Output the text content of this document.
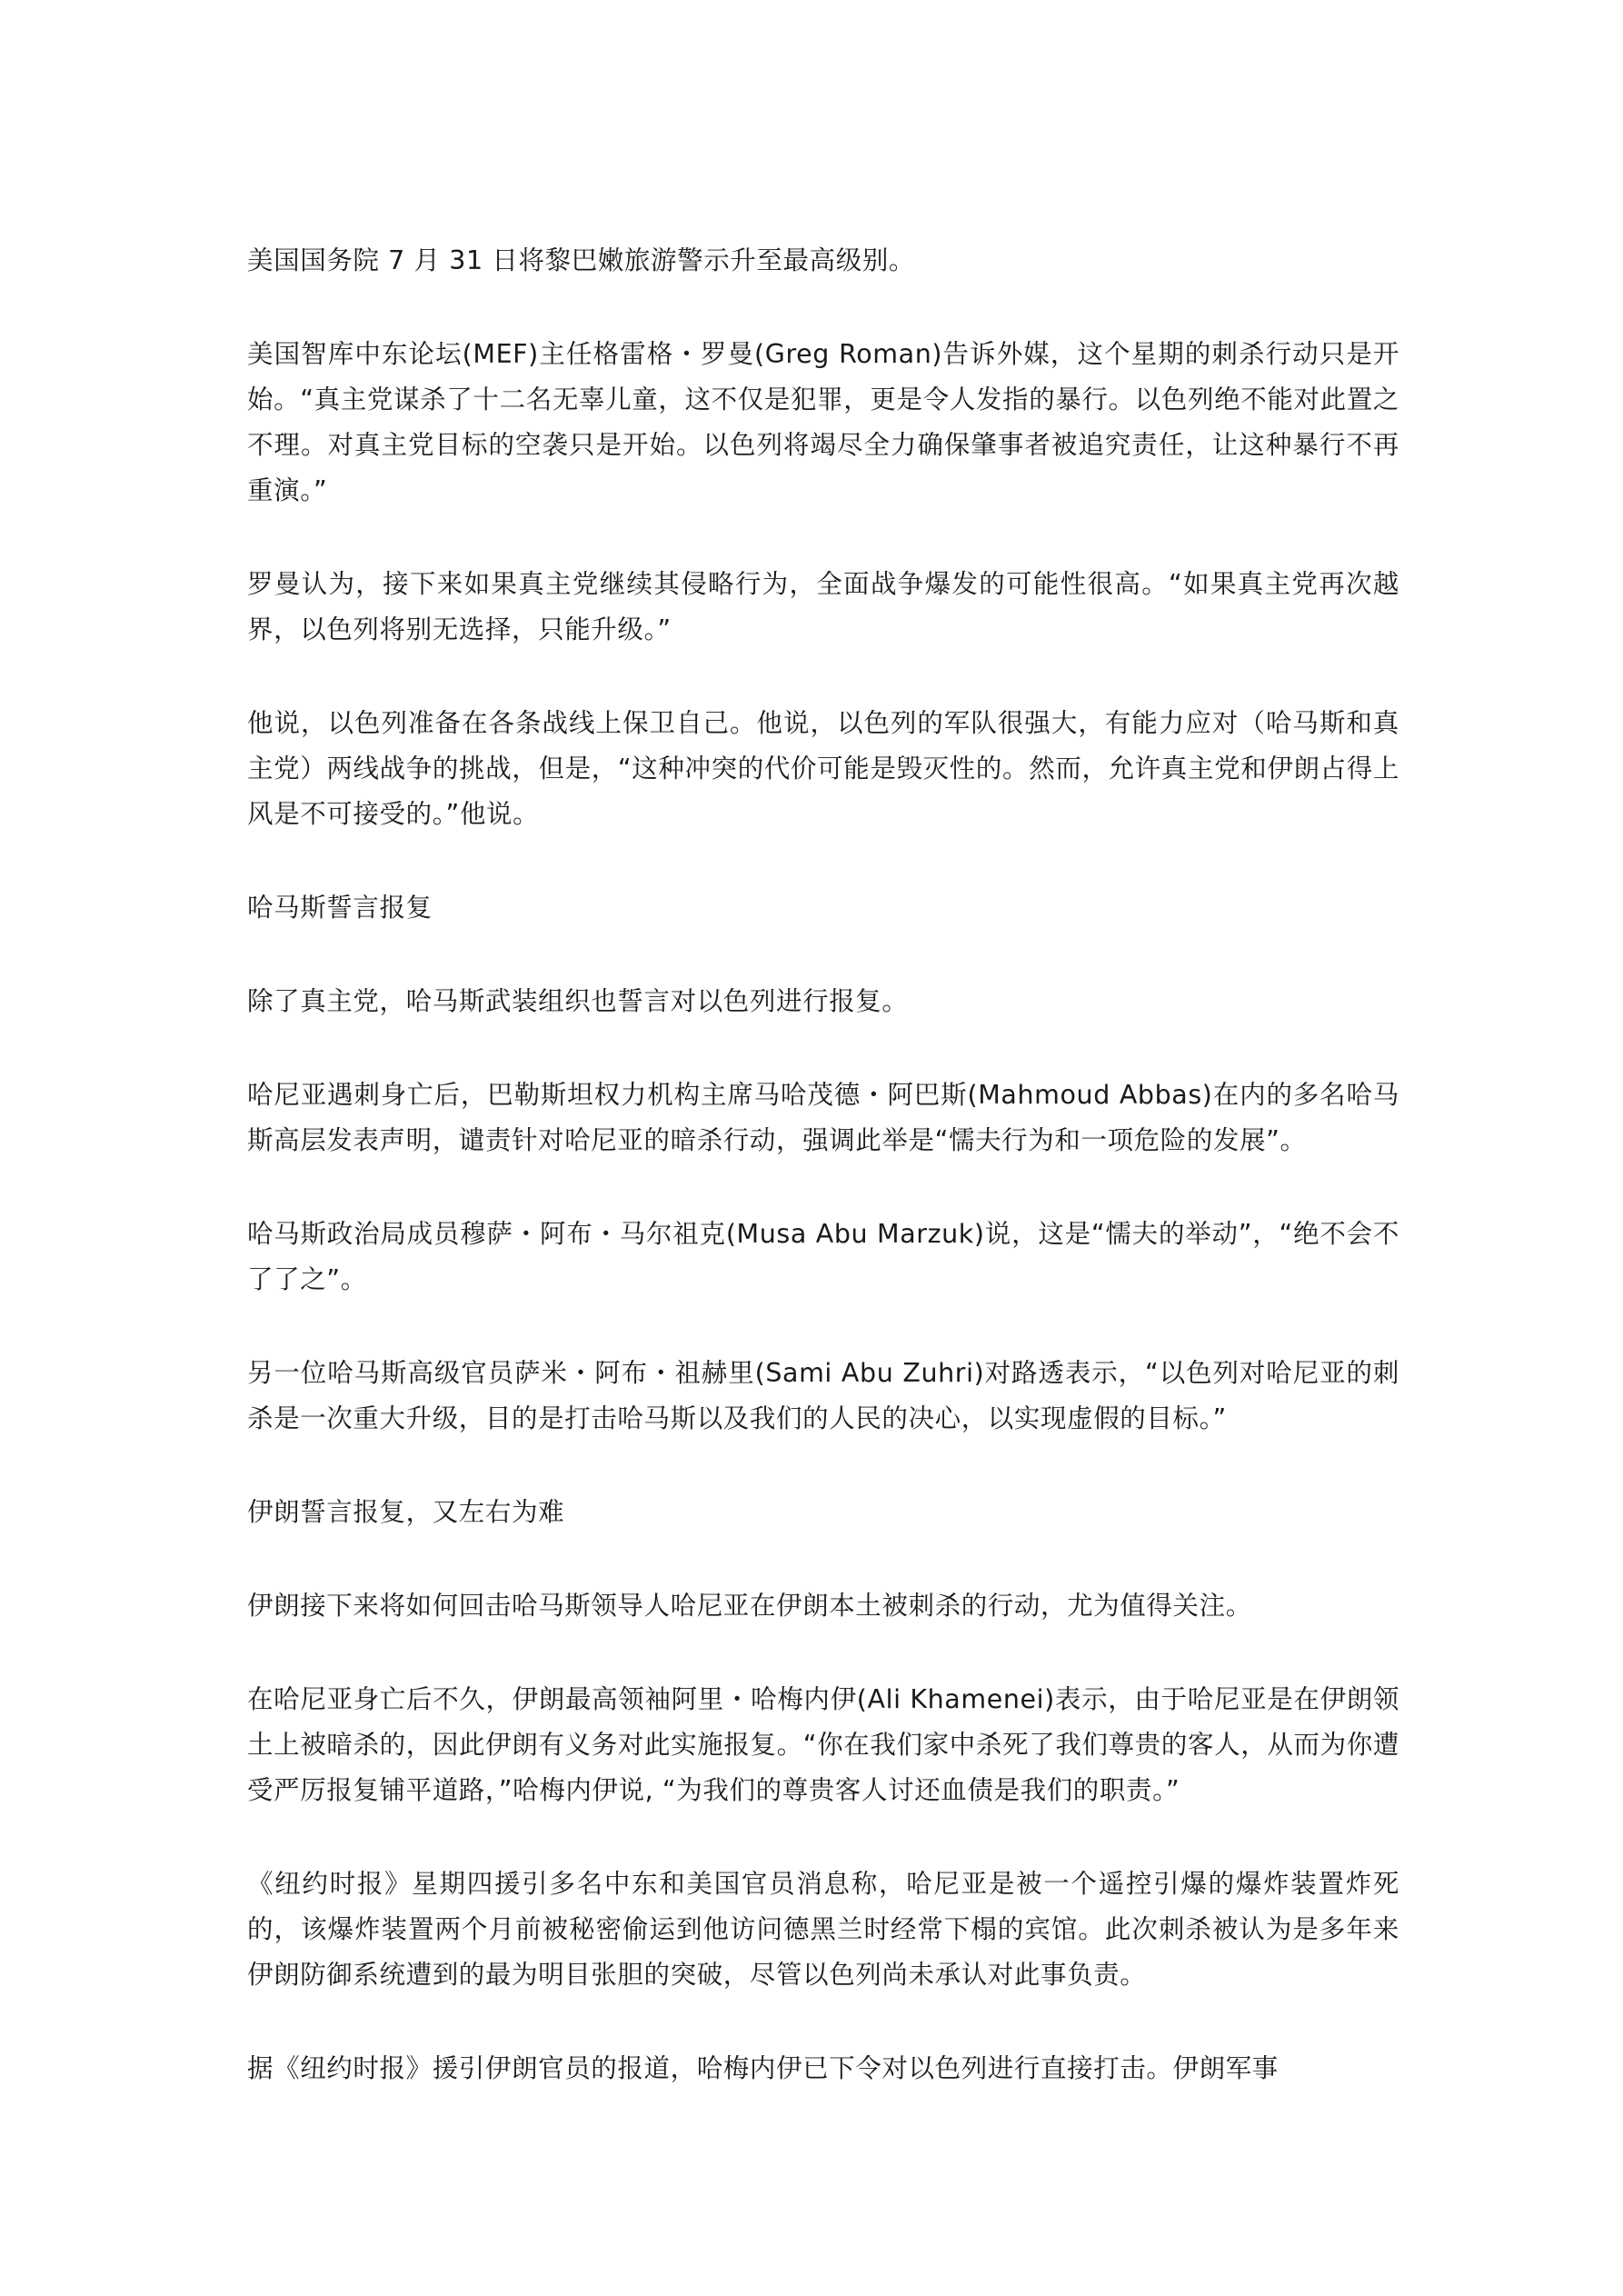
美国国务院 7 月 31 日将黎巴嫩旅游警示升至最高级别。

美国智库中东论坛(MEF)主任格雷格・罗曼(Greg Roman)告诉外媒，这个星期的刺杀行动只是开始。“真主党谋杀了十二名无辜儿童，这不仅是犯罪，更是令人发指的暴行。以色列绝不能对此置之不理。对真主党目标的空袭只是开始。以色列将竭尽全力确保肇事者被追究责任，让这种暴行不再重演。”

罗曼认为，接下来如果真主党继续其侵略行为，全面战争爆发的可能性很高。“如果真主党再次越界，以色列将别无选择，只能升级。”

他说，以色列准备在各条战线上保卫自己。他说，以色列的军队很强大，有能力应对（哈马斯和真主党）两线战争的挑战，但是，“这种冲突的代价可能是毁灭性的。然而，允许真主党和伊朗占得上风是不可接受的。”他说。

哈马斯誓言报复

除了真主党，哈马斯武装组织也誓言对以色列进行报复。

哈尼亚遇刺身亡后，巴勒斯坦权力机构主席马哈茂德・阿巴斯(Mahmoud Abbas)在内的多名哈马斯高层发表声明，谴责针对哈尼亚的暗杀行动，强调此举是“懦夫行为和一项危险的发展”。

哈马斯政治局成员穆萨・阿布・马尔祖克(Musa Abu Marzuk)说，这是“懦夫的举动”，“绝不会不了了之”。

另一位哈马斯高级官员萨米・阿布・祖赫里(Sami Abu Zuhri)对路透表示，“以色列对哈尼亚的刺杀是一次重大升级，目的是打击哈马斯以及我们的人民的决心，以实现虚假的目标。”

伊朗誓言报复，又左右为难

伊朗接下来将如何回击哈马斯领导人哈尼亚在伊朗本土被刺杀的行动，尤为值得关注。

在哈尼亚身亡后不久，伊朗最高领袖阿里・哈梅内伊(Ali Khamenei)表示，由于哈尼亚是在伊朗领土上被暗杀的，因此伊朗有义务对此实施报复。“你在我们家中杀死了我们尊贵的客人，从而为你遭受严厉报复铺平道路，”哈梅内伊说, “为我们的尊贵客人讨还血债是我们的职责。”

《纽约时报》星期四援引多名中东和美国官员消息称，哈尼亚是被一个遥控引爆的爆炸装置炸死的，该爆炸装置两个月前被秘密偷运到他访问德黑兰时经常下榻的宾馆。此次刺杀被认为是多年来伊朗防御系统遭到的最为明目张胆的突破，尽管以色列尚未承认对此事负责。

据《纽约时报》援引伊朗官员的报道，哈梅内伊已下令对以色列进行直接打击。伊朗军事
